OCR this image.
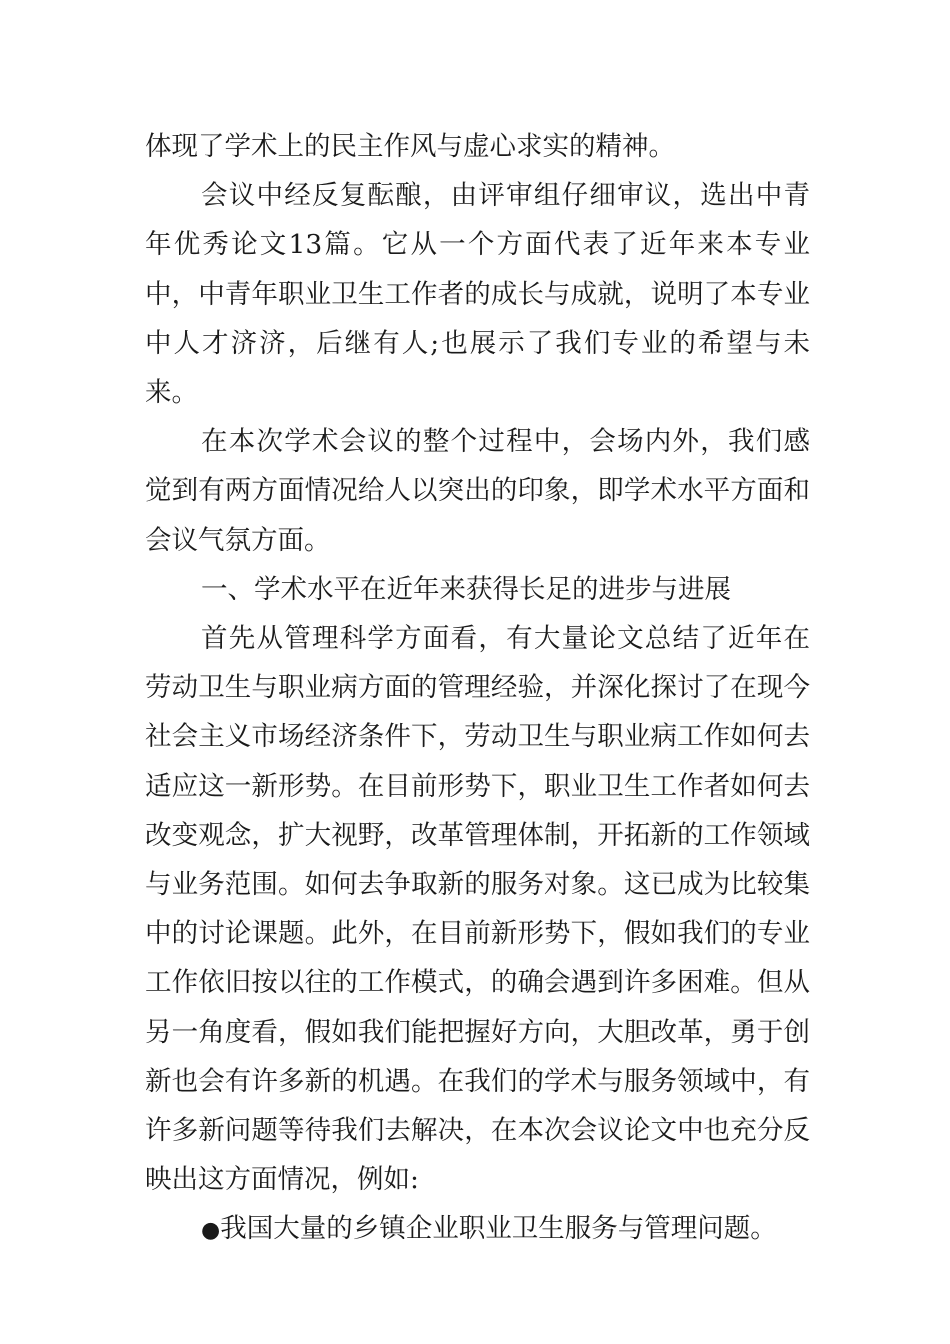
体现了学术上的民主作风与虚心求实的精神。

会议中经反复酝酿，由评审组仔细审议，选出中青年优秀论文13篇。它从一个方面代表了近年来本专业中，中青年职业卫生工作者的成长与成就，说明了本专业中人才济济，后继有人;也展示了我们专业的希望与未来。

在本次学术会议的整个过程中，会场内外，我们感觉到有两方面情况给人以突出的印象，即学术水平方面和会议气氛方面。

一、学术水平在近年来获得长足的进步与进展

首先从管理科学方面看，有大量论文总结了近年在劳动卫生与职业病方面的管理经验，并深化探讨了在现今社会主义市场经济条件下，劳动卫生与职业病工作如何去适应这一新形势。在目前形势下，职业卫生工作者如何去改变观念，扩大视野，改革管理体制，开拓新的工作领域与业务范围。如何去争取新的服务对象。这已成为比较集中的讨论课题。此外，在目前新形势下，假如我们的专业工作依旧按以往的工作模式，的确会遇到许多困难。但从另一角度看，假如我们能把握好方向，大胆改革，勇于创新也会有许多新的机遇。在我们的学术与服务领域中，有许多新问题等待我们去解决，在本次会议论文中也充分反映出这方面情况，例如:

●我国大量的乡镇企业职业卫生服务与管理问题。
